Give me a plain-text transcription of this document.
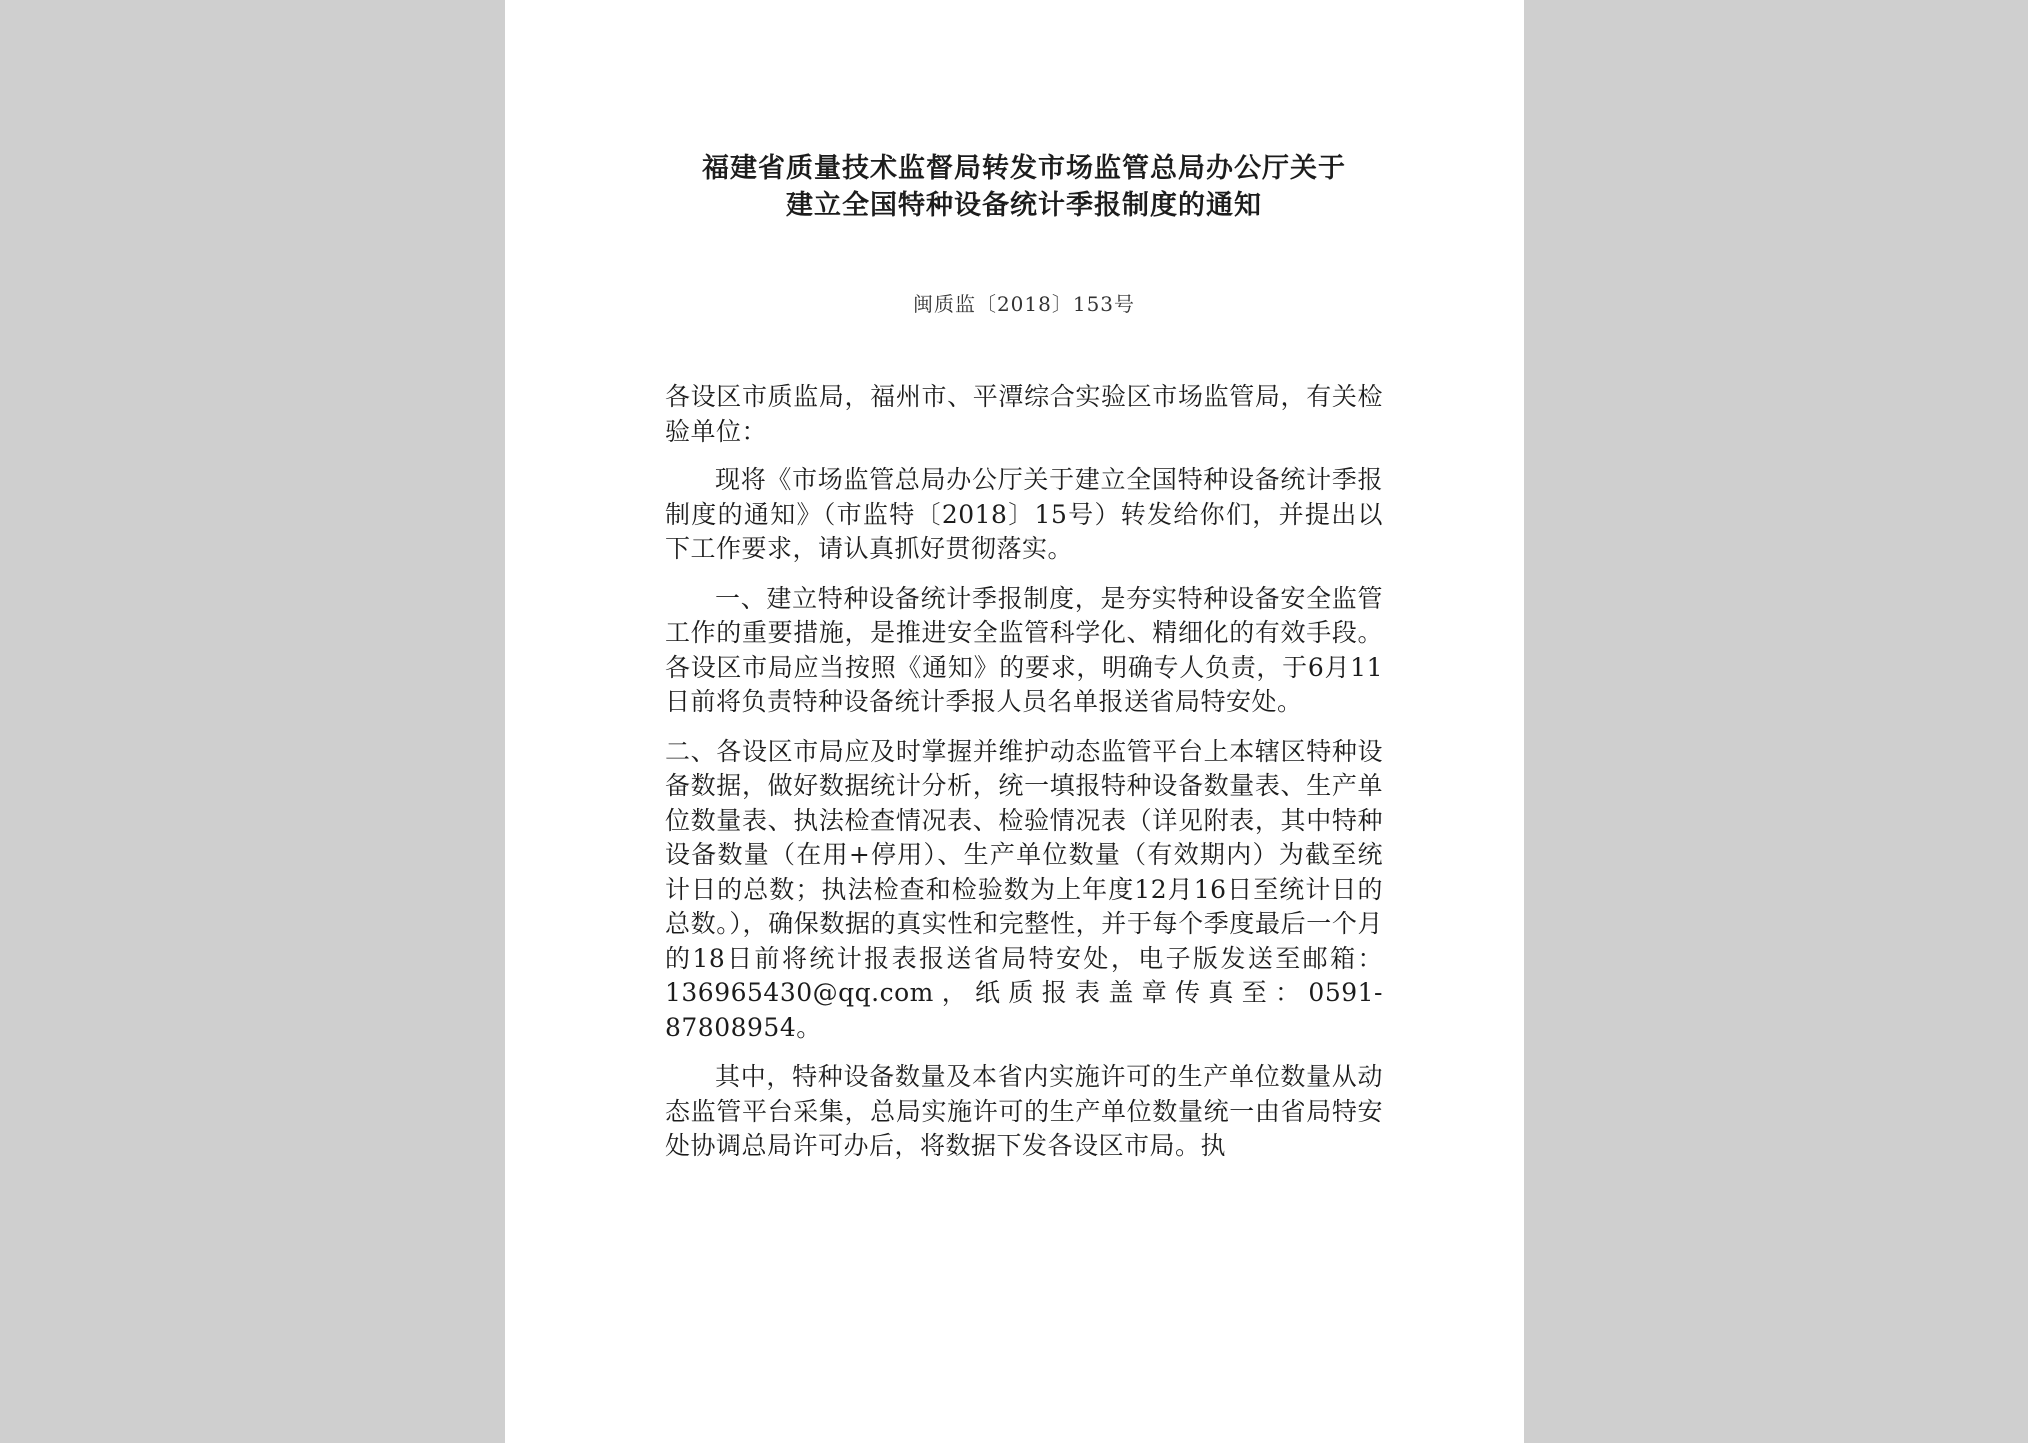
福建省质量技术监督局转发市场监管总局办公厅关于
建立全国特种设备统计季报制度的通知
闽质监〔2018〕153号

各设区市质监局，福州市、平潭综合实验区市场监管局，有关检验单位：

现将《市场监管总局办公厅关于建立全国特种设备统计季报制度的通知》（市监特〔2018〕15号）转发给你们，并提出以下工作要求，请认真抓好贯彻落实。

一、建立特种设备统计季报制度，是夯实特种设备安全监管工作的重要措施，是推进安全监管科学化、精细化的有效手段。各设区市局应当按照《通知》的要求，明确专人负责，于6月11日前将负责特种设备统计季报人员名单报送省局特安处。

二、各设区市局应及时掌握并维护动态监管平台上本辖区特种设备数据，做好数据统计分析，统一填报特种设备数量表、生产单位数量表、执法检查情况表、检验情况表（详见附表，其中特种设备数量（在用+停用）、生产单位数量（有效期内）为截至统计日的总数；执法检查和检验数为上年度12月16日至统计日的总数。），确保数据的真实性和完整性，并于每个季度最后一个月的18日前将统计报表报送省局特安处，电子版发送至邮箱：136965430@qq.com，纸质报表盖章传真至：0591-87808954。

其中，特种设备数量及本省内实施许可的生产单位数量从动态监管平台采集，总局实施许可的生产单位数量统一由省局特安处协调总局许可办后，将数据下发各设区市局。执
